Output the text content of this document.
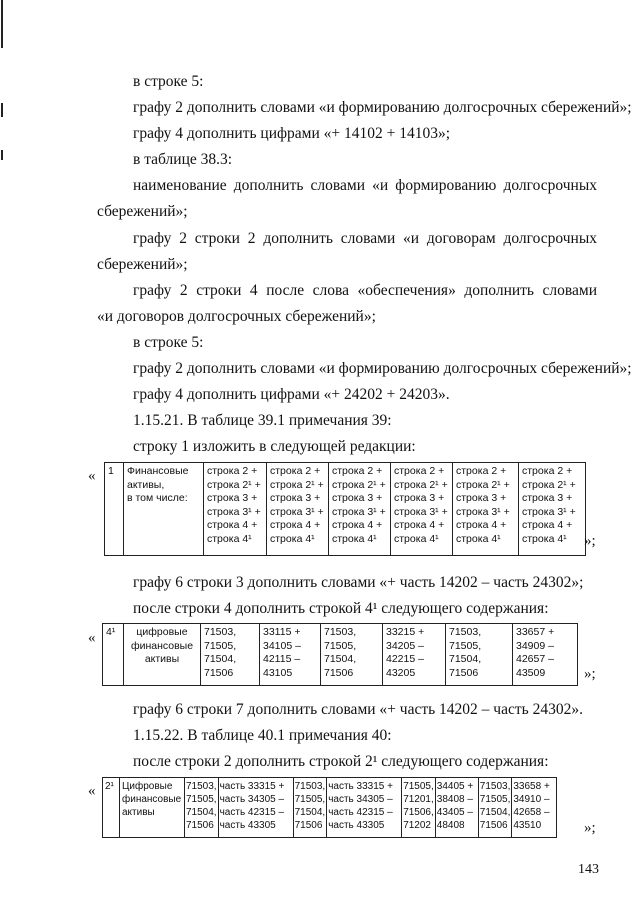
в строке 5:
графу 2 дополнить словами «и формированию долгосрочных сбережений»;
графу 4 дополнить цифрами «+ 14102 + 14103»;
в таблице 38.3:
наименование дополнить словами «и формированию долгосрочных
сбережений»;
графу 2 строки 2 дополнить словами «и договорам долгосрочных
сбережений»;
графу 2 строки 4 после слова «обеспечения» дополнить словами
«и договоров долгосрочных сбережений»;
в строке 5:
графу 2 дополнить словами «и формированию долгосрочных сбережений»;
графу 4 дополнить цифрами «+ 24202 + 24203».
1.15.21. В таблице 39.1 примечания 39:
строку 1 изложить в следующей редакции:
« 1	Финансовые
активы,
в том числе:	строка 2 +
строка 2¹ +
строка 3 +
строка 3¹ +
строка 4 +
строка 4¹	строка 2 +
строка 2¹ +
строка 3 +
строка 3¹ +
строка 4 +
строка 4¹	строка 2 +
строка 2¹ +
строка 3 +
строка 3¹ +
строка 4 +
строка 4¹	строка 2 +
строка 2¹ +
строка 3 +
строка 3¹ +
строка 4 +
строка 4¹	строка 2 +
строка 2¹ +
строка 3 +
строка 3¹ +
строка 4 +
строка 4¹	строка 2 +
строка 2¹ +
строка 3 +
строка 3¹ +
строка 4 +
строка 4¹ »;
графу 6 строки 3 дополнить словами «+ часть 14202 – часть 24302»;
после строки 4 дополнить строкой 4¹ следующего содержания:
« 4¹	цифровые
финансовые
активы	71503,
71505,
71504,
71506	33115 +
34105 –
42115 –
43105	71503,
71505,
71504,
71506	33215 +
34205 –
42215 –
43205	71503,
71505,
71504,
71506	33657 +
34909 –
42657 –
43509	»;
графу 6 строки 7 дополнить словами «+ часть 14202 – часть 24302».
1.15.22. В таблице 40.1 примечания 40:
после строки 2 дополнить строкой 2¹ следующего содержания:
« 2¹	Цифровые
финансовые
активы	71503,
71505,
71504,
71506	часть 33315 +
часть 34305 –
часть 42315 –
часть 43305	71503,
71505,
71504,
71506	часть 33315 +
часть 34305 –
часть 42315 –
часть 43305	71505,
71201,
71506,
71202	34405 +
38408 –
43405 –
48408	71503,
71505,
71504,
71506	33658 +
34910 –
42658 –
43510	»;
143
